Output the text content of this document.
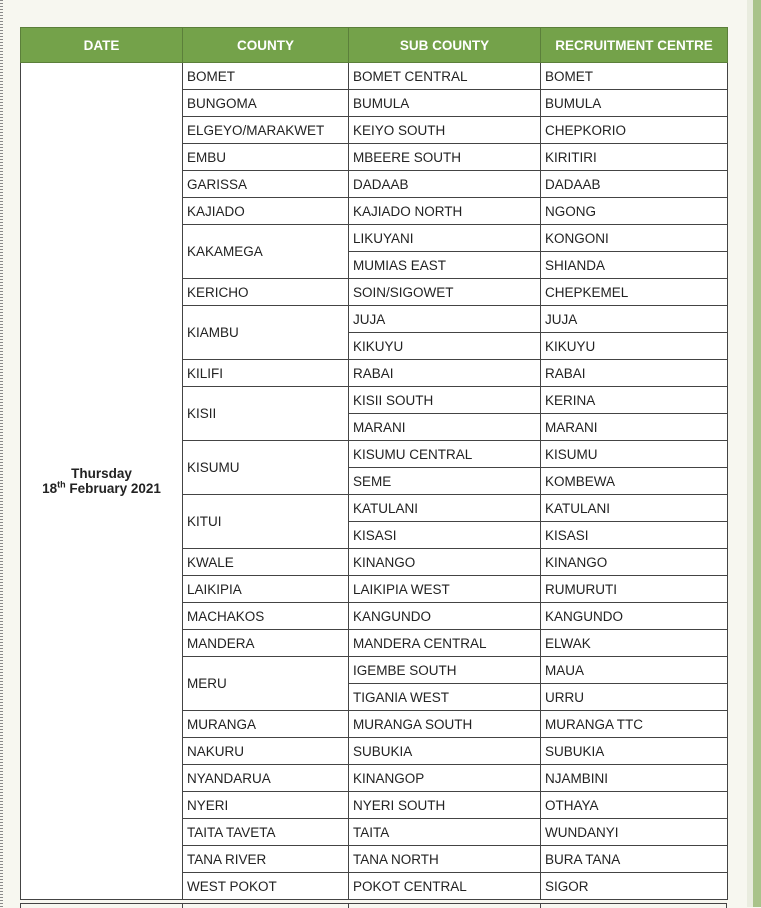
DATE	COUNTY	SUB COUNTY	RECRUITMENT CENTRE

Thursday
18th February 2021	BOMET	BOMET CENTRAL	BOMET
	BUNGOMA	BUMULA	BUMULA
	ELGEYO/MARAKWET	KEIYO SOUTH	CHEPKORIO
	EMBU	MBEERE SOUTH	KIRITIRI
	GARISSA	DADAAB	DADAAB
	KAJIADO	KAJIADO NORTH	NGONG
	KAKAMEGA	LIKUYANI	KONGONI
		MUMIAS EAST	SHIANDA
	KERICHO	SOIN/SIGOWET	CHEPKEMEL
	KIAMBU	JUJA	JUJA
		KIKUYU	KIKUYU
	KILIFI	RABAI	RABAI
	KISII	KISII SOUTH	KERINA
		MARANI	MARANI
	KISUMU	KISUMU CENTRAL	KISUMU
		SEME	KOMBEWA
	KITUI	KATULANI	KATULANI
		KISASI	KISASI
	KWALE	KINANGO	KINANGO
	LAIKIPIA	LAIKIPIA WEST	RUMURUTI
	MACHAKOS	KANGUNDO	KANGUNDO
	MANDERA	MANDERA CENTRAL	ELWAK
	MERU	IGEMBE SOUTH	MAUA
		TIGANIA WEST	URRU
	MURANGA	MURANGA SOUTH	MURANGA TTC
	NAKURU	SUBUKIA	SUBUKIA
	NYANDARUA	KINANGOP	NJAMBINI
	NYERI	NYERI SOUTH	OTHAYA
	TAITA TAVETA	TAITA	WUNDANYI
	TANA RIVER	TANA NORTH	BURA TANA
	WEST POKOT	POKOT CENTRAL	SIGOR
